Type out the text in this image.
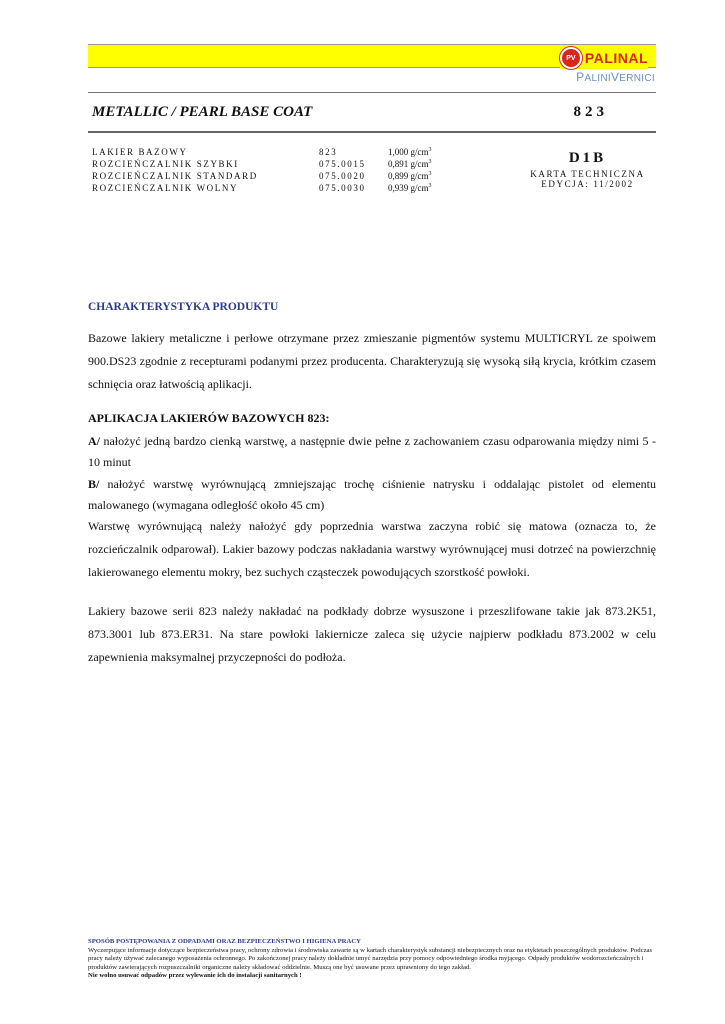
PV PALINAL
PALINIVERNICI
METALLIC / PEARL BASE COAT	823
LAKIER BAZOWY	823	1,000 $g/cm^3$
ROZCIEŃCZALNIK SZYBKI	075.0015 0,891 $g/cm^3$
ROZCIEŃCZALNIK STANDARD	075.0020 0,899 $g/cm^3$
ROZCIEŃCZALNIK WOLNY	075.0030 0,939 $g/cm^3$
D1B
KARTA TECHNICZNA
EDYCJA: 11/2002
CHARAKTERYSTYKA PRODUKTU

Bazowe lakiery metaliczne i perłowe otrzymane przez zmieszanie pigmentów systemu MULTICRYL ze spoiwem 900.DS23 zgodnie z recepturami podanymi przez producenta. Charakteryzują się wysoką siłą krycia, krótkim czasem schnięcia oraz łatwością aplikacji.

APLIKACJA LAKIERÓW BAZOWYCH 823:

A/ nałożyć jedną bardzo cienką warstwę, a następnie dwie pełne z zachowaniem czasu odparowania między nimi 5 - 10 minut

B/ nałożyć warstwę wyrównującą zmniejszając trochę ciśnienie natrysku i oddalając pistolet od elementu malowanego (wymagana odległość około 45 cm)

Warstwę wyrównującą należy nałożyć gdy poprzednia warstwa zaczyna robić się matowa (oznacza to, że rozcieńczalnik odparował). Lakier bazowy podczas nakładania warstwy wyrównującej musi dotrzeć na powierzchnię lakierowanego elementu mokry, bez suchych cząsteczek powodujących szorstkość powłoki.

Lakiery bazowe serii 823 należy nakładać na podkłady dobrze wysuszone i przeszlifowane takie jak 873.2K51, 873.3001 lub 873.ER31. Na stare powłoki lakiernicze zaleca się użycie najpierw podkładu 873.2002 w celu zapewnienia maksymalnej przyczepności do podłoża.

SPOSÓB POSTĘPOWANIA Z ODPADAMI ORAZ BEZPIECZEŃSTWO I HIGIENA PRACY
Wyczerpujące informacje dotyczące bezpieczeństwa pracy, ochrony zdrowia i środowiska zawarte są w kartach charakterystyk substancji niebezpiecznych oraz na etykietach poszczególnych produktów. Podczas pracy należy używać zalecanego wyposażenia ochronnego. Po zakończonej pracy należy dokładnie umyć narzędzia przy pomocy odpowiedniego środka myjącego. Odpady produktów wodorozcieńczalnych i produktów zawierających rozpuszczalniki organiczne należy składować oddzielnie. Muszą one być usuwane przez uprawniony do tego zakład.
Nie wolno usuwać odpadów przez wylewanie ich do instalacji sanitarnych !
